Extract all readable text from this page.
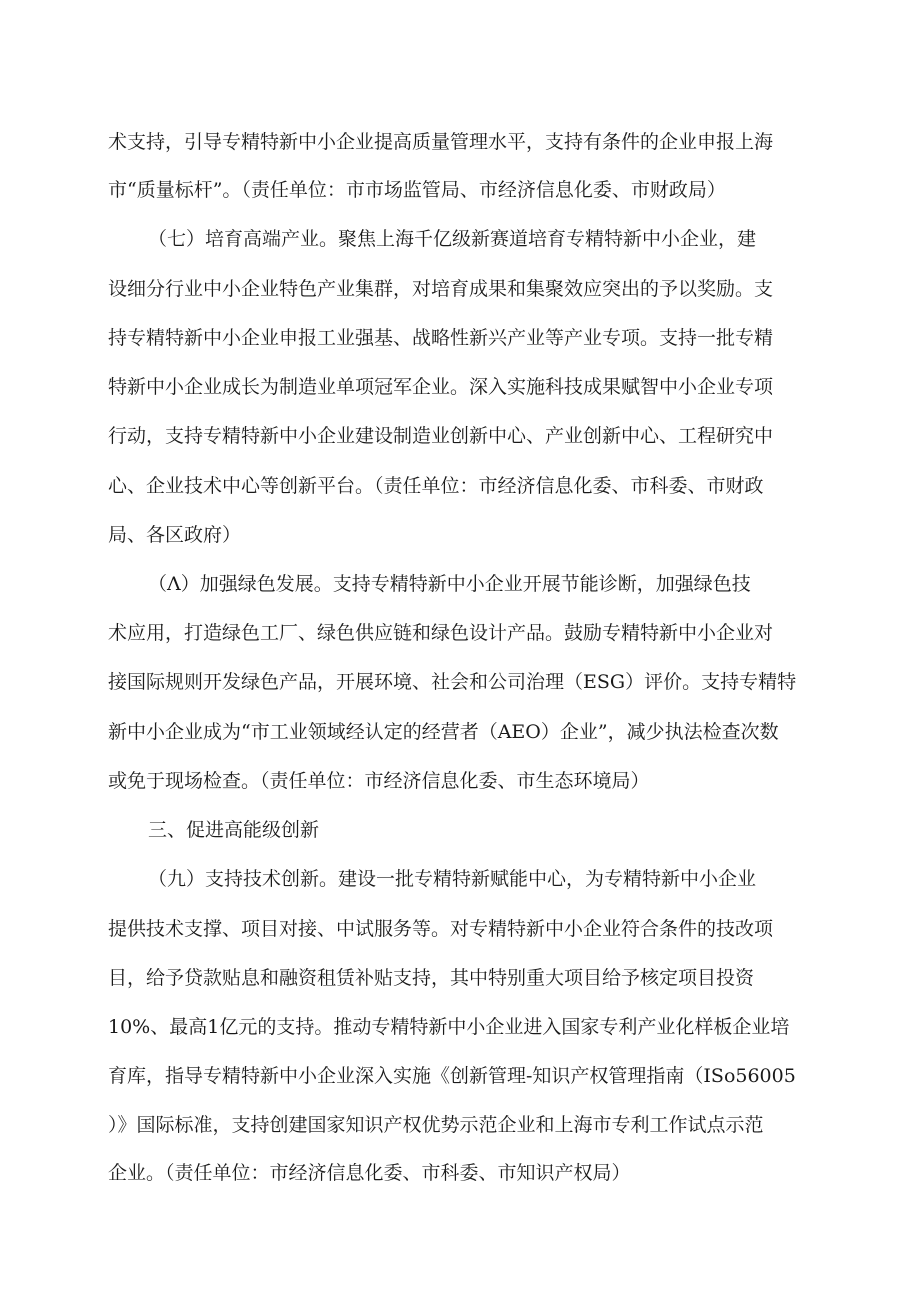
术支持，引导专精特新中小企业提高质量管理水平，支持有条件的企业申报上海
市“质量标杆”。（责任单位：市市场监管局、市经济信息化委、市财政局）
（七）培育高端产业。聚焦上海千亿级新赛道培育专精特新中小企业，建
设细分行业中小企业特色产业集群，对培育成果和集聚效应突出的予以奖励。支
持专精特新中小企业申报工业强基、战略性新兴产业等产业专项。支持一批专精
特新中小企业成长为制造业单项冠军企业。深入实施科技成果赋智中小企业专项
行动，支持专精特新中小企业建设制造业创新中心、产业创新中心、工程研究中
心、企业技术中心等创新平台。（责任单位：市经济信息化委、市科委、市财政
局、各区政府）
（Λ）加强绿色发展。支持专精特新中小企业开展节能诊断，加强绿色技
术应用，打造绿色工厂、绿色供应链和绿色设计产品。鼓励专精特新中小企业对
接国际规则开发绿色产品，开展环境、社会和公司治理（ESG）评价。支持专精特
新中小企业成为“市工业领域经认定的经营者（AEO）企业”，减少执法检查次数
或免于现场检查。（责任单位：市经济信息化委、市生态环境局）
三、促进高能级创新
（九）支持技术创新。建设一批专精特新赋能中心，为专精特新中小企业
提供技术支撑、项目对接、中试服务等。对专精特新中小企业符合条件的技改项
目，给予贷款贴息和融资租赁补贴支持，其中特别重大项目给予核定项目投资
10%、最高1亿元的支持。推动专精特新中小企业进入国家专利产业化样板企业培
育库，指导专精特新中小企业深入实施《创新管理-知识产权管理指南（ISo56005
）》国际标准，支持创建国家知识产权优势示范企业和上海市专利工作试点示范
企业。（责任单位：市经济信息化委、市科委、市知识产权局）
